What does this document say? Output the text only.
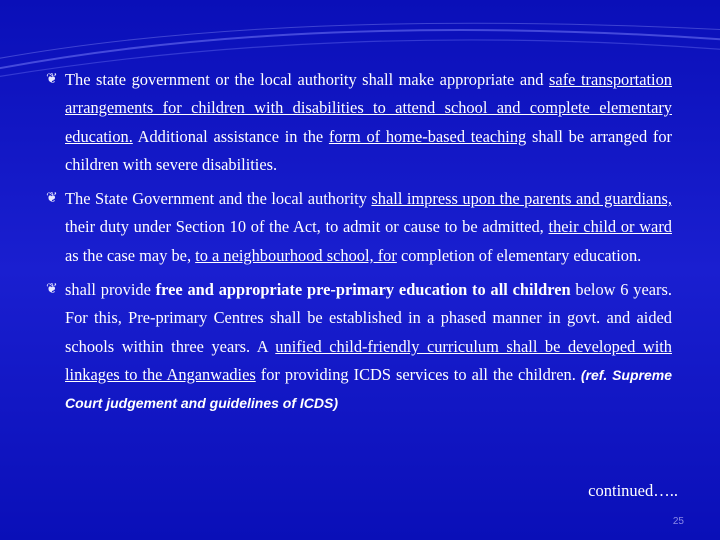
❦ The state government or the local authority shall make appropriate and safe transportation arrangements for children with disabilities to attend school and complete elementary education. Additional assistance in the form of home-based teaching shall be arranged for children with severe disabilities.
❦ The State Government and the local authority shall impress upon the parents and guardians, their duty under Section 10 of the Act, to admit or cause to be admitted, their child or ward as the case may be, to a neighbourhood school, for completion of elementary education.
❦ shall provide free and appropriate pre-primary education to all children below 6 years. For this, Pre-primary Centres shall be established in a phased manner in govt. and aided schools within three years. A unified child-friendly curriculum shall be developed with linkages to the Anganwadies for providing ICDS services to all the children. (ref. Supreme Court judgement and guidelines of ICDS)
continued…..
25
